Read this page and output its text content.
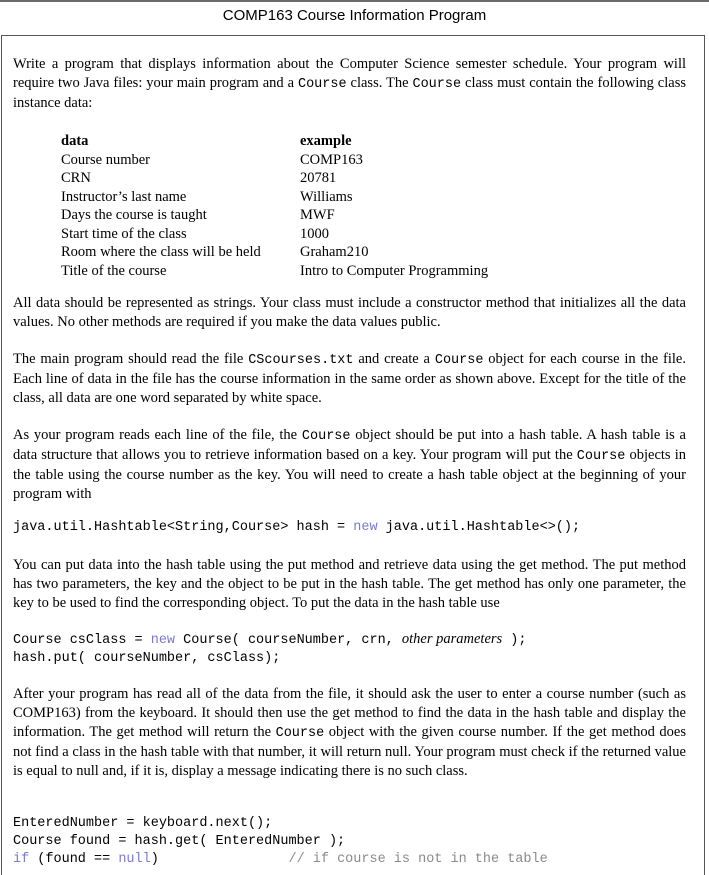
COMP163 Course Information Program

Write a program that displays information about the Computer Science semester schedule. Your program will require two Java files: your main program and a Course class. The Course class must contain the following class instance data:

data	example
Course number	COMP163
CRN	20781
Instructor’s last name	Williams
Days the course is taught	MWF
Start time of the class	1000
Room where the class will be held	Graham210
Title of the course	Intro to Computer Programming

All data should be represented as strings. Your class must include a constructor method that initializes all the data values. No other methods are required if you make the data values public.

The main program should read the file CScourses.txt and create a Course object for each course in the file. Each line of data in the file has the course information in the same order as shown above. Except for the title of the class, all data are one word separated by white space.

As your program reads each line of the file, the Course object should be put into a hash table. A hash table is a data structure that allows you to retrieve information based on a key. Your program will put the Course objects in the table using the course number as the key. You will need to create a hash table object at the beginning of your program with

java.util.Hashtable<String,Course> hash = new java.util.Hashtable<>();

You can put data into the hash table using the put method and retrieve data using the get method. The put method has two parameters, the key and the object to be put in the hash table. The get method has only one parameter, the key to be used to find the corresponding object. To put the data in the hash table use

Course csClass = new Course( courseNumber, crn, other parameters );
hash.put( courseNumber, csClass);

After your program has read all of the data from the file, it should ask the user to enter a course number (such as COMP163) from the keyboard. It should then use the get method to find the data in the hash table and display the information. The get method will return the Course object with the given course number. If the get method does not find a class in the hash table with that number, it will return null. Your program must check if the returned value is equal to null and, if it is, display a message indicating there is no such class.

EnteredNumber = keyboard.next();
Course found = hash.get( EnteredNumber );
if (found == null)	// if course is not in the table
